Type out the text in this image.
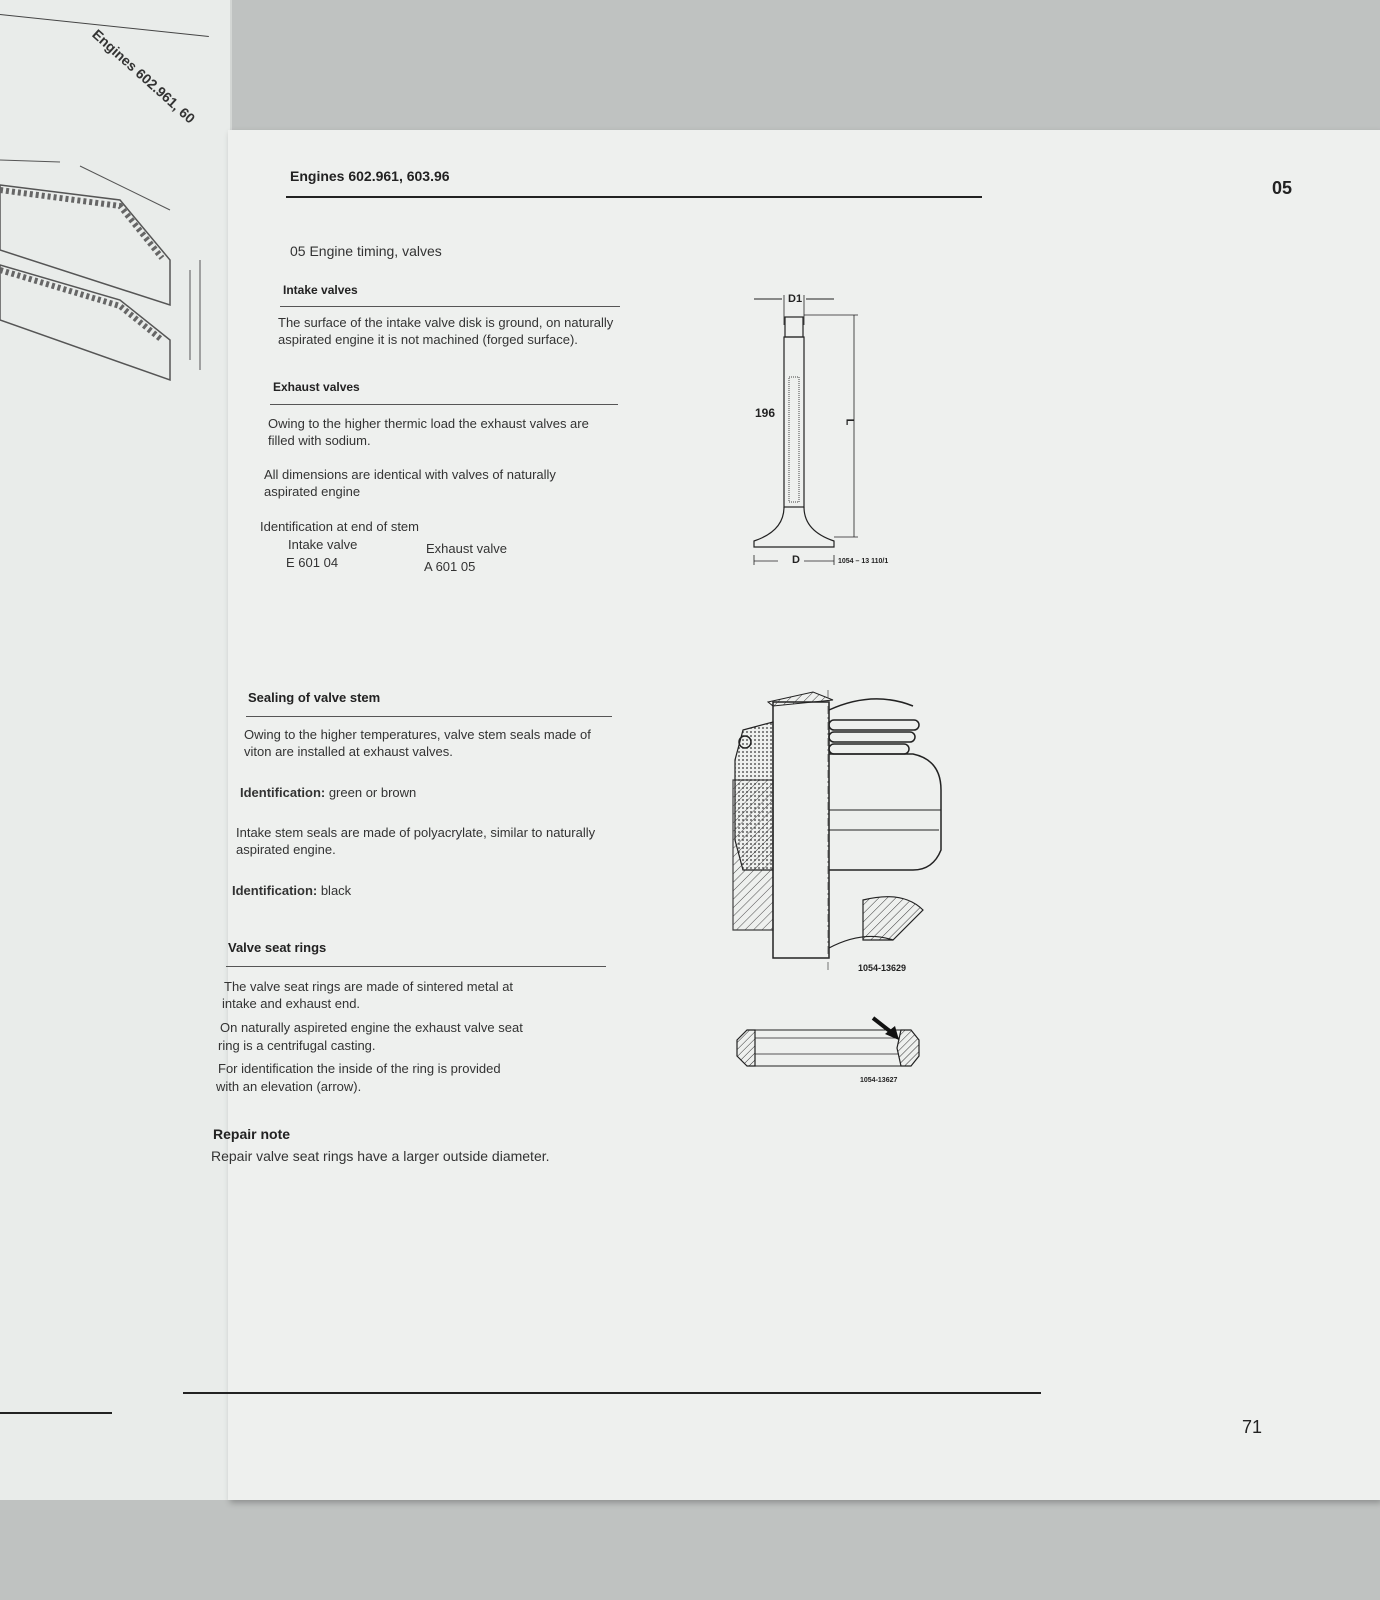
Engines 602.961, 60
Engines 602.961, 603.96
05
05 Engine timing, valves
Intake valves
The surface of the intake valve disk is ground, on naturally aspirated engine it is not machined (forged surface).
Exhaust valves
Owing to the higher thermic load the exhaust valves are filled with sodium.
All dimensions are identical with valves of naturally aspirated engine
Identification at end of stem
Intake valve
E 601 04
Exhaust valve
A 601 05
D1
196
L
D	1054 – 13 110/1
Sealing of valve stem
Owing to the higher temperatures, valve stem seals made of viton are installed at exhaust valves.
Identification: green or brown
Intake stem seals are made of polyacrylate, similar to naturally aspirated engine.
Identification: black
1054-13629
Valve seat rings
The valve seat rings are made of sintered metal at
intake and exhaust end.
On naturally aspireted engine the exhaust valve seat
ring is a centrifugal casting.
For identification the inside of the ring is provided
with an elevation (arrow).	1054-13627
Repair note
Repair valve seat rings have a larger outside diameter.
71
